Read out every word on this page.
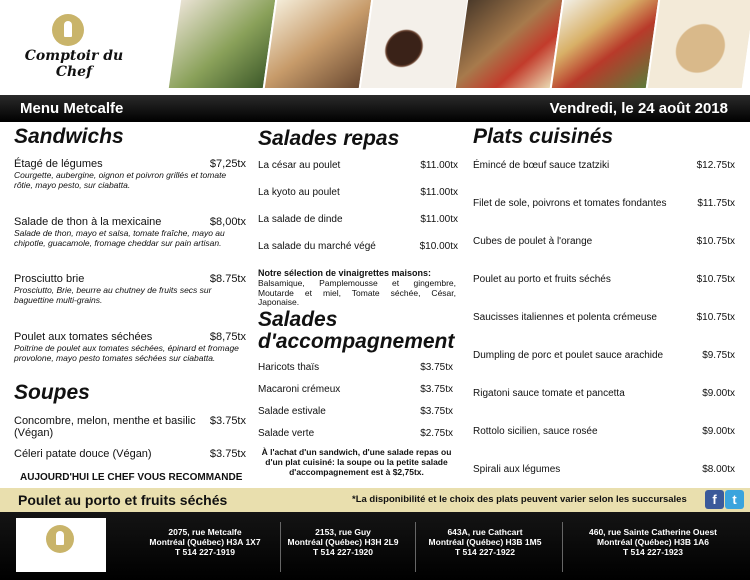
Comptoir du Chef
Menu Metcalfe	Vendredi, le 24 août 2018
Sandwichs
Étagé de légumes	$7,25tx
Courgette, aubergine, oignon et poivron grillés et tomate rôtie, mayo pesto, sur ciabatta.
Salade de thon à la mexicaine	$8,00tx
Salade de thon, mayo et salsa, tomate fraîche, mayo au chipotle, guacamole, fromage cheddar sur pain artisan.
Prosciutto brie	$8.75tx
Prosciutto, Brie, beurre au chutney de fruits secs sur baguettine multi-grains.
Poulet aux tomates séchées	$8,75tx
Poitrine de poulet aux tomates séchées, épinard et fromage provolone, mayo pesto tomates séchées sur ciabatta.
Soupes
Concombre, melon, menthe et basilic (Végan)
$3.75tx
Céleri patate douce (Végan)	$3.75tx
AUJOURD'HUI LE CHEF VOUS RECOMMANDE
Salades repas
La césar au poulet	$11.00tx
La kyoto au poulet	$11.00tx
La salade de dinde	$11.00tx
La salade du marché végé	$10.00tx
Notre sélection de vinaigrettes maisons:
Balsamique, Pamplemousse et gingembre, Moutarde et miel, Tomate séchée, César, Japonaise.
Salades
d'accompagnement
Haricots thaïs	$3.75tx
Macaroni crémeux	$3.75tx
Salade estivale	$3.75tx
Salade verte	$2.75tx
À l'achat d'un sandwich, d'une salade repas ou d'un plat cuisiné: la soupe ou la petite salade d'accompagnement est à $2,75tx.
Plats cuisinés
Émincé de bœuf sauce tzatziki	$12.75tx
Filet de sole, poivrons et tomates fondantes	$11.75tx
Cubes de poulet à l'orange	$10.75tx
Poulet au porto et fruits séchés	$10.75tx
Saucisses italiennes et polenta crémeuse	$10.75tx
Dumpling de porc et poulet sauce arachide	$9.75tx
Rigatoni sauce tomate et pancetta	$9.00tx
Rottolo sicilien, sauce rosée	$9.00tx
Spirali aux légumes	$8.00tx
Poulet au porto et fruits séchés	*La disponibilité et le choix des plats peuvent varier selon les succursales	f	t
2075, rue Metcalfe
Montréal (Québec) H3A 1X7
T 514 227-1919
2153, rue Guy
Montréal (Québec) H3H 2L9
T 514 227-1920
643A, rue Cathcart
Montréal (Québec) H3B 1M5
T 514 227-1922
460, rue Sainte Catherine Ouest
Montréal (Québec) H3B 1A6
T 514 227-1923
